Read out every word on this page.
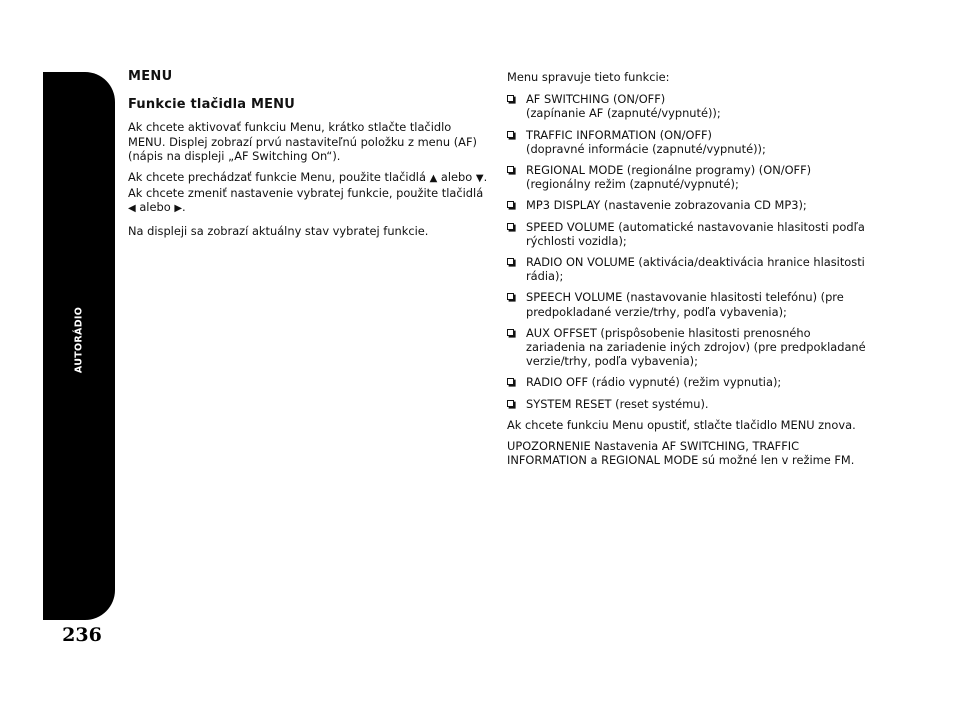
AUTORÁDIO
236
MENU
Funkcie tlačidla MENU

Ak chcete aktivovať funkciu Menu, krátko stlačte tlačidlo MENU. Displej zobrazí prvú nastaviteľnú položku z menu (AF) (nápis na displeji „AF Switching On“).

Ak chcete prechádzať funkcie Menu, použite tlačidlá ▲ alebo ▼. Ak chcete zmeniť nastavenie vybratej funkcie, použite tlačidlá ◀ alebo ▶.

Na displeji sa zobrazí aktuálny stav vybratej funkcie.

Menu spravuje tieto funkcie:

AF SWITCHING (ON/OFF)
(zapínanie AF (zapnuté/vypnuté));
TRAFFIC INFORMATION (ON/OFF)
(dopravné informácie (zapnuté/vypnuté));
REGIONAL MODE (regionálne programy) (ON/OFF)
(regionálny režim (zapnuté/vypnuté);
MP3 DISPLAY (nastavenie zobrazovania CD MP3);
SPEED VOLUME (automatické nastavovanie hlasitosti podľa rýchlosti vozidla);
RADIO ON VOLUME (aktivácia/deaktivácia hranice hlasitosti rádia);
SPEECH VOLUME (nastavovanie hlasitosti telefónu) (pre predpokladané verzie/trhy, podľa vybavenia);
AUX OFFSET (prispôsobenie hlasitosti prenosného zariadenia na zariadenie iných zdrojov) (pre predpokladané verzie/trhy, podľa vybavenia);
RADIO OFF (rádio vypnuté) (režim vypnutia);
SYSTEM RESET (reset systému).

Ak chcete funkciu Menu opustiť, stlačte tlačidlo MENU znova.

UPOZORNENIE Nastavenia AF SWITCHING, TRAFFIC INFORMATION a REGIONAL MODE sú možné len v režime FM.
